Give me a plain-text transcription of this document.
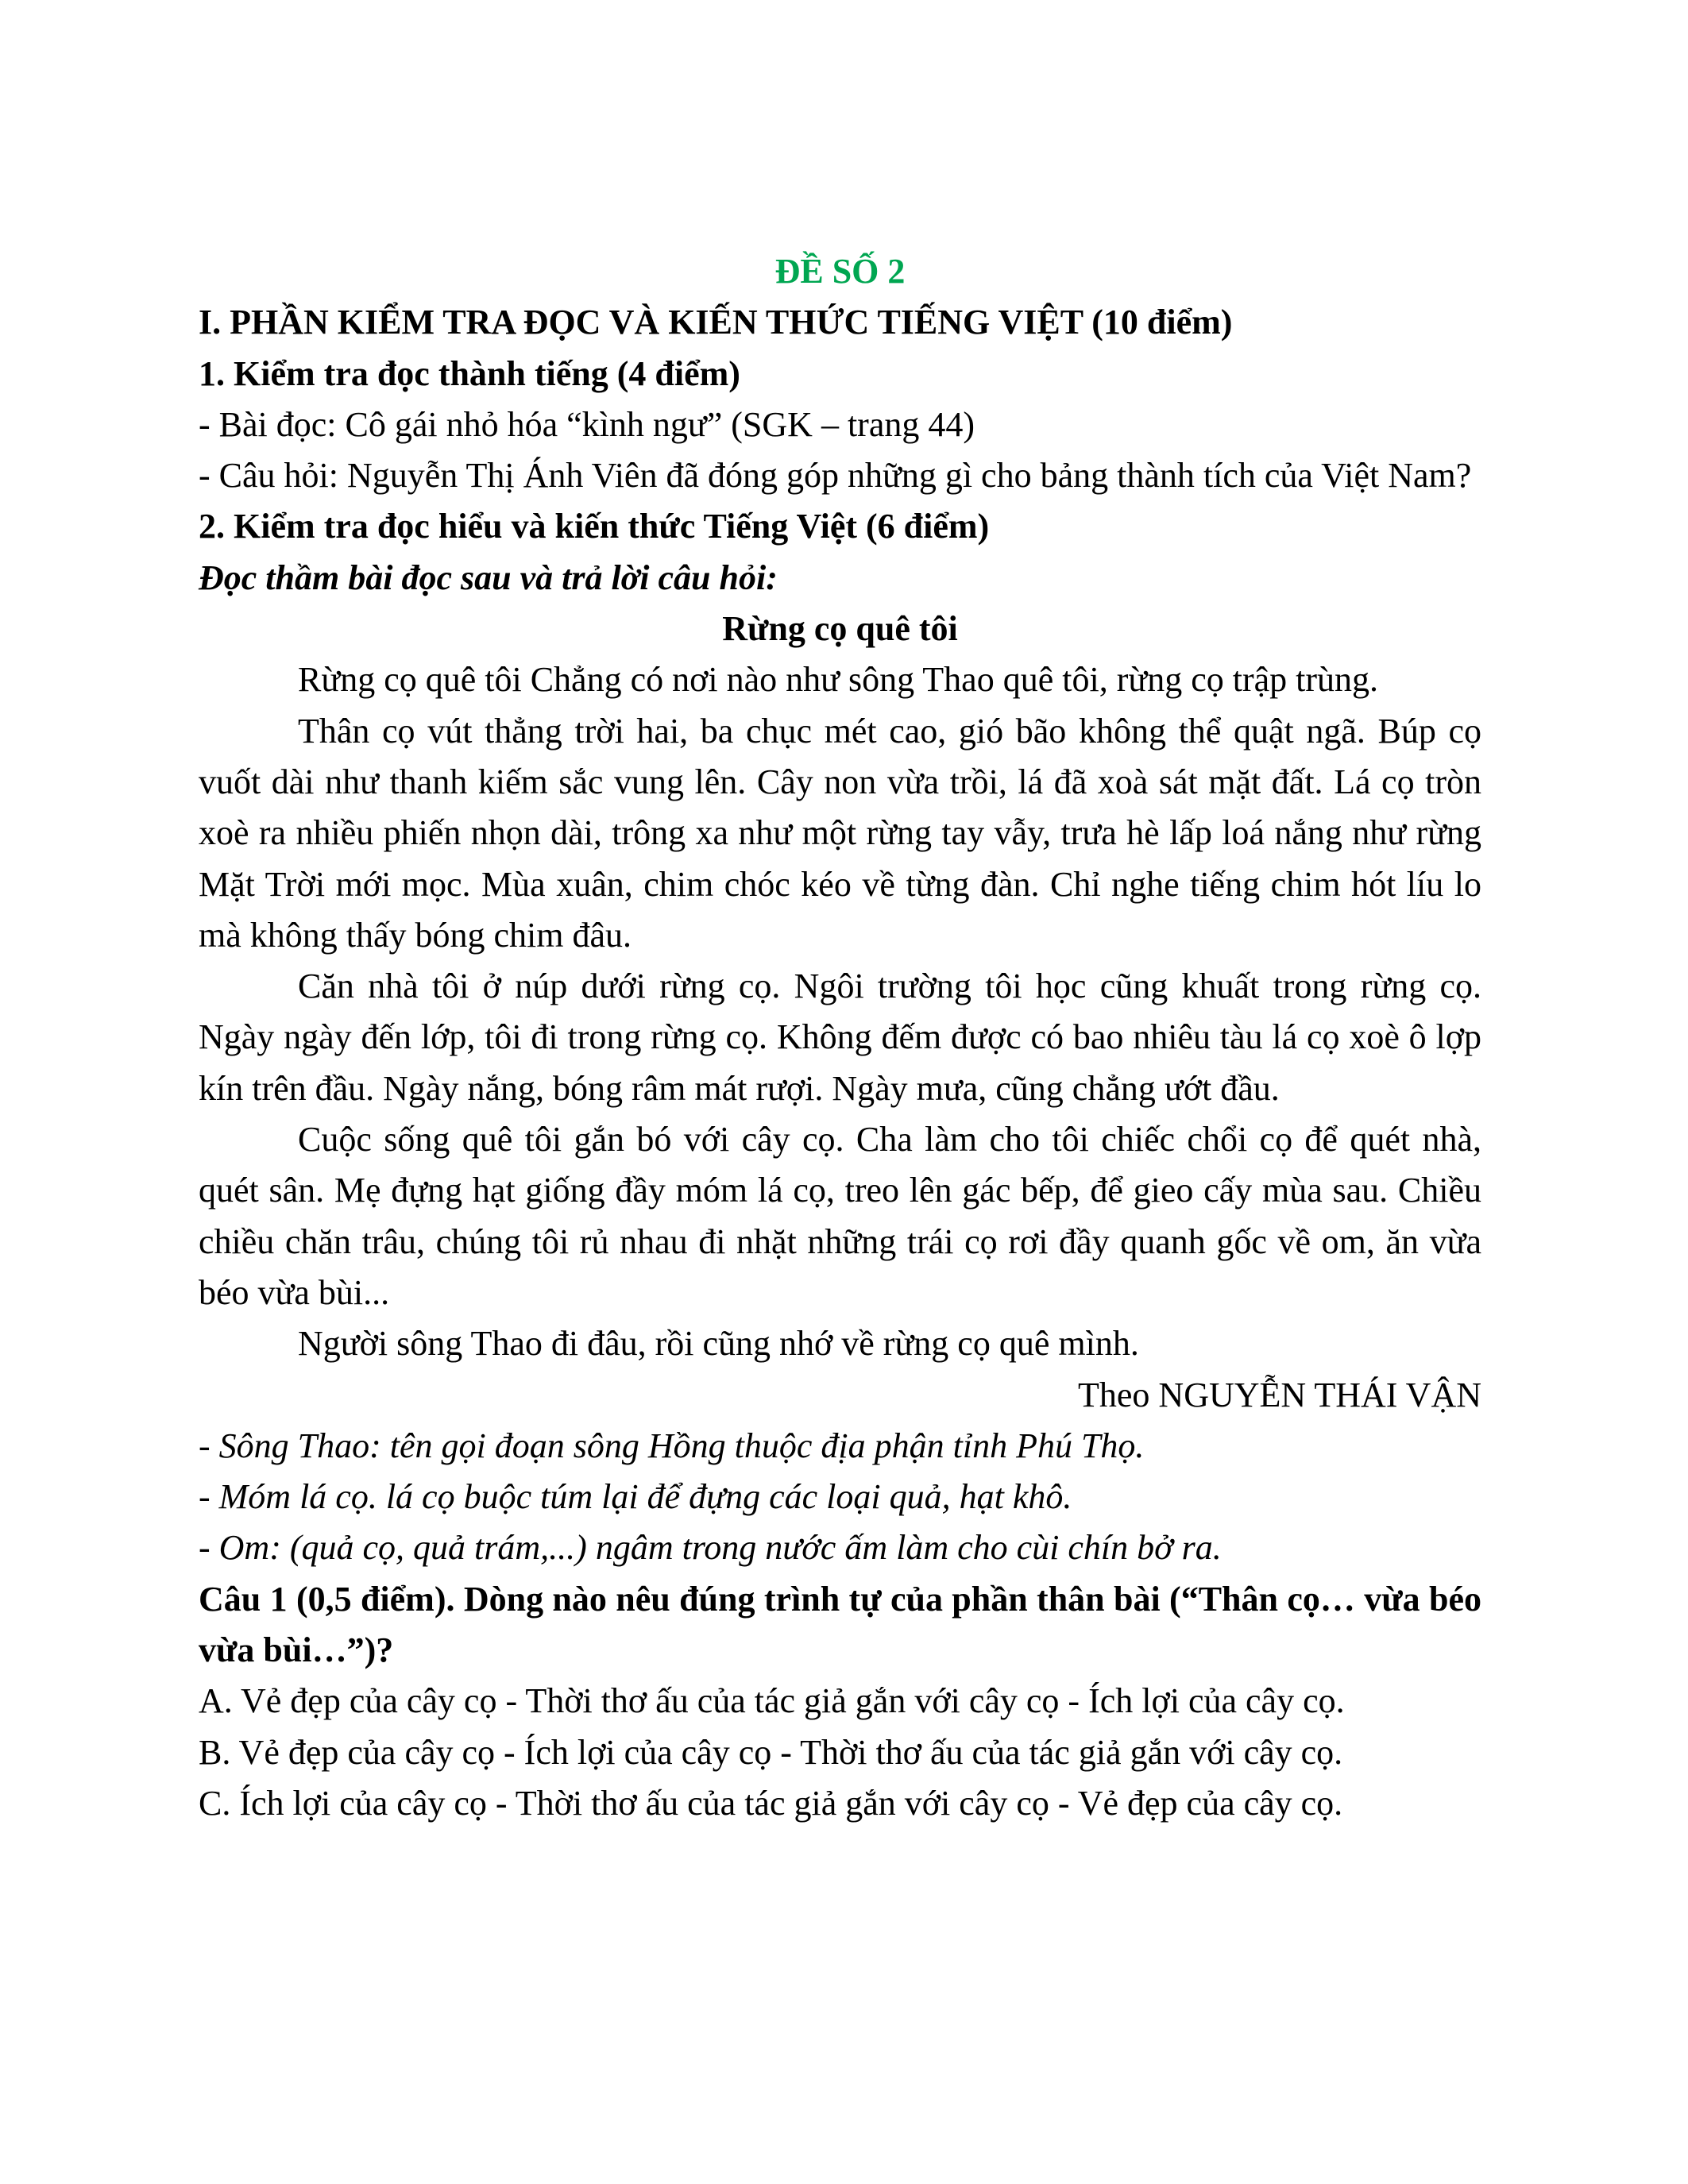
ĐỀ SỐ 2

I. PHẦN KIỂM TRA ĐỌC VÀ KIẾN THỨC TIẾNG VIỆT (10 điểm)

1. Kiểm tra đọc thành tiếng (4 điểm)

- Bài đọc: Cô gái nhỏ hóa “kình ngư” (SGK – trang 44)

- Câu hỏi: Nguyễn Thị Ánh Viên đã đóng góp những gì cho bảng thành tích của Việt Nam?

2. Kiểm tra đọc hiểu và kiến thức Tiếng Việt (6 điểm)

Đọc thầm bài đọc sau và trả lời câu hỏi:

Rừng cọ quê tôi

Rừng cọ quê tôi Chẳng có nơi nào như sông Thao quê tôi, rừng cọ trập trùng.

Thân cọ vút thẳng trời hai, ba chục mét cao, gió bão không thể quật ngã. Búp cọ vuốt dài như thanh kiếm sắc vung lên. Cây non vừa trồi, lá đã xoà sát mặt đất. Lá cọ tròn xoè ra nhiều phiến nhọn dài, trông xa như một rừng tay vẫy, trưa hè lấp loá nắng như rừng Mặt Trời mới mọc. Mùa xuân, chim chóc kéo về từng đàn. Chỉ nghe tiếng chim hót líu lo mà không thấy bóng chim đâu.

Căn nhà tôi ở núp dưới rừng cọ. Ngôi trường tôi học cũng khuất trong rừng cọ. Ngày ngày đến lớp, tôi đi trong rừng cọ. Không đếm được có bao nhiêu tàu lá cọ xoè ô lợp kín trên đầu. Ngày nắng, bóng râm mát rượi. Ngày mưa, cũng chẳng ướt đầu.

Cuộc sống quê tôi gắn bó với cây cọ. Cha làm cho tôi chiếc chổi cọ để quét nhà, quét sân. Mẹ đựng hạt giống đầy móm lá cọ, treo lên gác bếp, để gieo cấy mùa sau. Chiều chiều chăn trâu, chúng tôi rủ nhau đi nhặt những trái cọ rơi đầy quanh gốc về om, ăn vừa béo vừa bùi...

Người sông Thao đi đâu, rồi cũng nhớ về rừng cọ quê mình.

Theo NGUYỄN THÁI VẬN

- Sông Thao: tên gọi đoạn sông Hồng thuộc địa phận tỉnh Phú Thọ.

- Móm lá cọ. lá cọ buộc túm lại để đựng các loại quả, hạt khô.

- Om: (quả cọ, quả trám,...) ngâm trong nước ấm làm cho cùi chín bở ra.

Câu 1 (0,5 điểm). Dòng nào nêu đúng trình tự của phần thân bài (“Thân cọ… vừa béo vừa bùi…”)?

A. Vẻ đẹp của cây cọ - Thời thơ ấu của tác giả gắn với cây cọ - Ích lợi của cây cọ.

B. Vẻ đẹp của cây cọ - Ích lợi của cây cọ - Thời thơ ấu của tác giả gắn với cây cọ.

C. Ích lợi của cây cọ - Thời thơ ấu của tác giả gắn với cây cọ - Vẻ đẹp của cây cọ.
